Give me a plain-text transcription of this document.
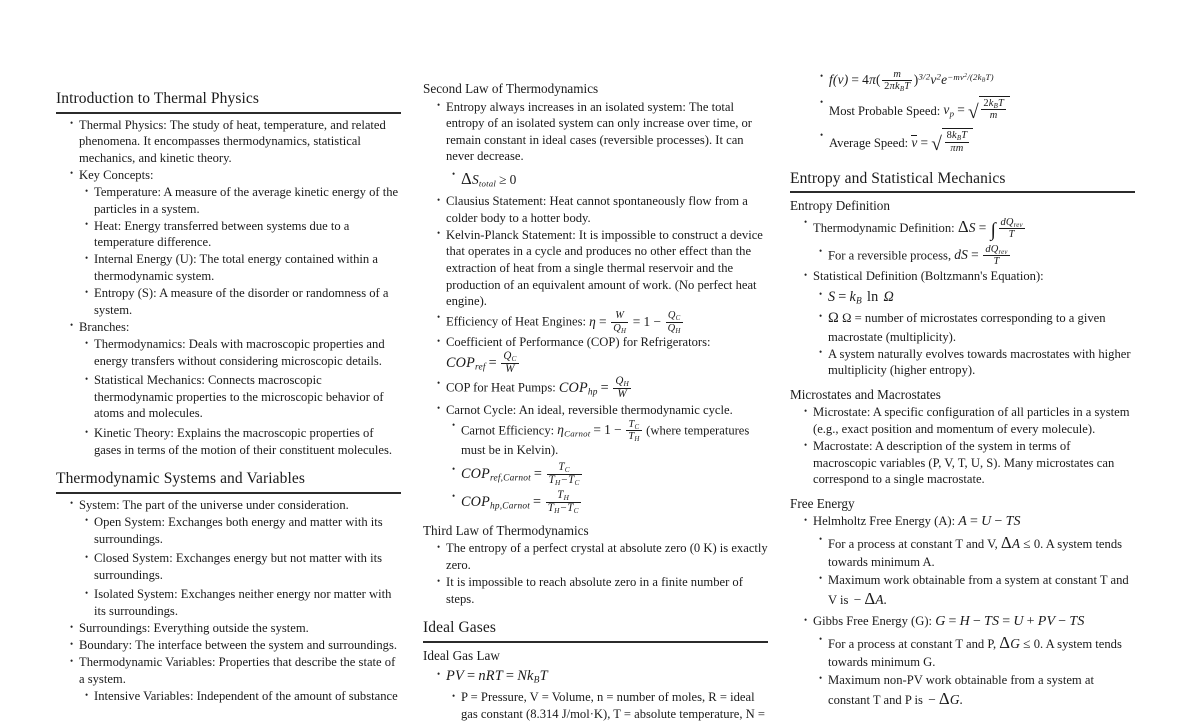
Introduction to Thermal Physics
• Thermal Physics: The study of heat, temperature, and related phenomena. It encompasses thermodynamics, statistical mechanics, and kinetic theory.
• Key Concepts:
• Temperature: A measure of the average kinetic energy of the particles in a system.
• Heat: Energy transferred between systems due to a temperature difference.
• Internal Energy (U): The total energy contained within a thermodynamic system.
• Entropy (S): A measure of the disorder or randomness of a system.
• Branches:
• Thermodynamics: Deals with macroscopic properties and energy transfers without considering microscopic details.
• Statistical Mechanics: Connects macroscopic thermodynamic properties to the microscopic behavior of atoms and molecules.
• Kinetic Theory: Explains the macroscopic properties of gases in terms of the motion of their constituent molecules.
Thermodynamic Systems and Variables
• System: The part of the universe under consideration.
• Open System: Exchanges both energy and matter with its surroundings.
• Closed System: Exchanges energy but not matter with its surroundings.
• Isolated System: Exchanges neither energy nor matter with its surroundings.
• Surroundings: Everything outside the system.
• Boundary: The interface between the system and surroundings.
• Thermodynamic Variables: Properties that describe the state of a system.
• Intensive Variables: Independent of the amount of substance
Second Law of Thermodynamics
• Entropy always increases in an isolated system: The total entropy of an isolated system can only increase over time, or remain constant in ideal cases (reversible processes). It can never decrease.
• $\Delta S_{total} \ge 0$
• Clausius Statement: Heat cannot spontaneously flow from a colder body to a hotter body.
• Kelvin-Planck Statement: It is impossible to construct a device that operates in a cycle and produces no other effect than the extraction of heat from a single thermal reservoir and the production of an equivalent amount of work. (No perfect heat engine).
• Efficiency of Heat Engines: $\eta = \frac{W}{Q_H} = 1 - \frac{Q_C}{Q_H}$
• Coefficient of Performance (COP) for Refrigerators:
$COP_{ref} = \frac{Q_C}{W}$
• COP for Heat Pumps: $COP_{hp} = \frac{Q_H}{W}$
• Carnot Cycle: An ideal, reversible thermodynamic cycle.
• Carnot Efficiency: $\eta_{Carnot} = 1 - \frac{T_C}{T_H}$ (where temperatures must be in Kelvin).
• $COP_{ref,Carnot} = \frac{T_C}{T_H-T_C}$
• $COP_{hp,Carnot} = \frac{T_H}{T_H-T_C}$
Third Law of Thermodynamics
• The entropy of a perfect crystal at absolute zero (0 K) is exactly zero.
• It is impossible to reach absolute zero in a finite number of steps.
Ideal Gases
Ideal Gas Law
• PV = nRT = $Nk_BT$
• P = Pressure, V = Volume, n = number of moles, R = ideal gas constant (8.314 J/mol·K), T = absolute temperature, N =
• $f(v) = 4\pi( \frac{m}{2\pi k_BT} )^{3/2}v^2e^{-mv^2/(2k_BT)}$
• Most Probable Speed: $v_p$ = √ $\frac{2k_BT}{m}$
• Average Speed: v = √ $\frac{8k_BT}{\pi m}$
Entropy and Statistical Mechanics
Entropy Definition
• Thermodynamic Definition: ΔS = ∫ $\frac{dQ_{rev}}{T}$
• For a reversible process, dS = $\frac{dQ_{rev}}{T}$
• Statistical Definition (Boltzmann's Equation):
• $S = k_B$ ln Ω
• Ω Ω = number of microstates corresponding to a given macrostate (multiplicity).
• A system naturally evolves towards macrostates with higher multiplicity (higher entropy).
Microstates and Macrostates
• Microstate: A specific configuration of all particles in a system (e.g., exact position and momentum of every molecule).
• Macrostate: A description of the system in terms of macroscopic variables (P, V, T, U, S). Many microstates can correspond to a single macrostate.
Free Energy
• Helmholtz Free Energy (A): A = U − TS
• For a process at constant T and V, ΔA ≤ 0. A system tends towards minimum A.
• Maximum work obtainable from a system at constant T and V is − ΔA.
• Gibbs Free Energy (G): G = H − TS = U + PV − TS
• For a process at constant T and P, ΔG ≤ 0. A system tends towards minimum G.
• Maximum non-PV work obtainable from a system at constant T and P is − ΔG.
